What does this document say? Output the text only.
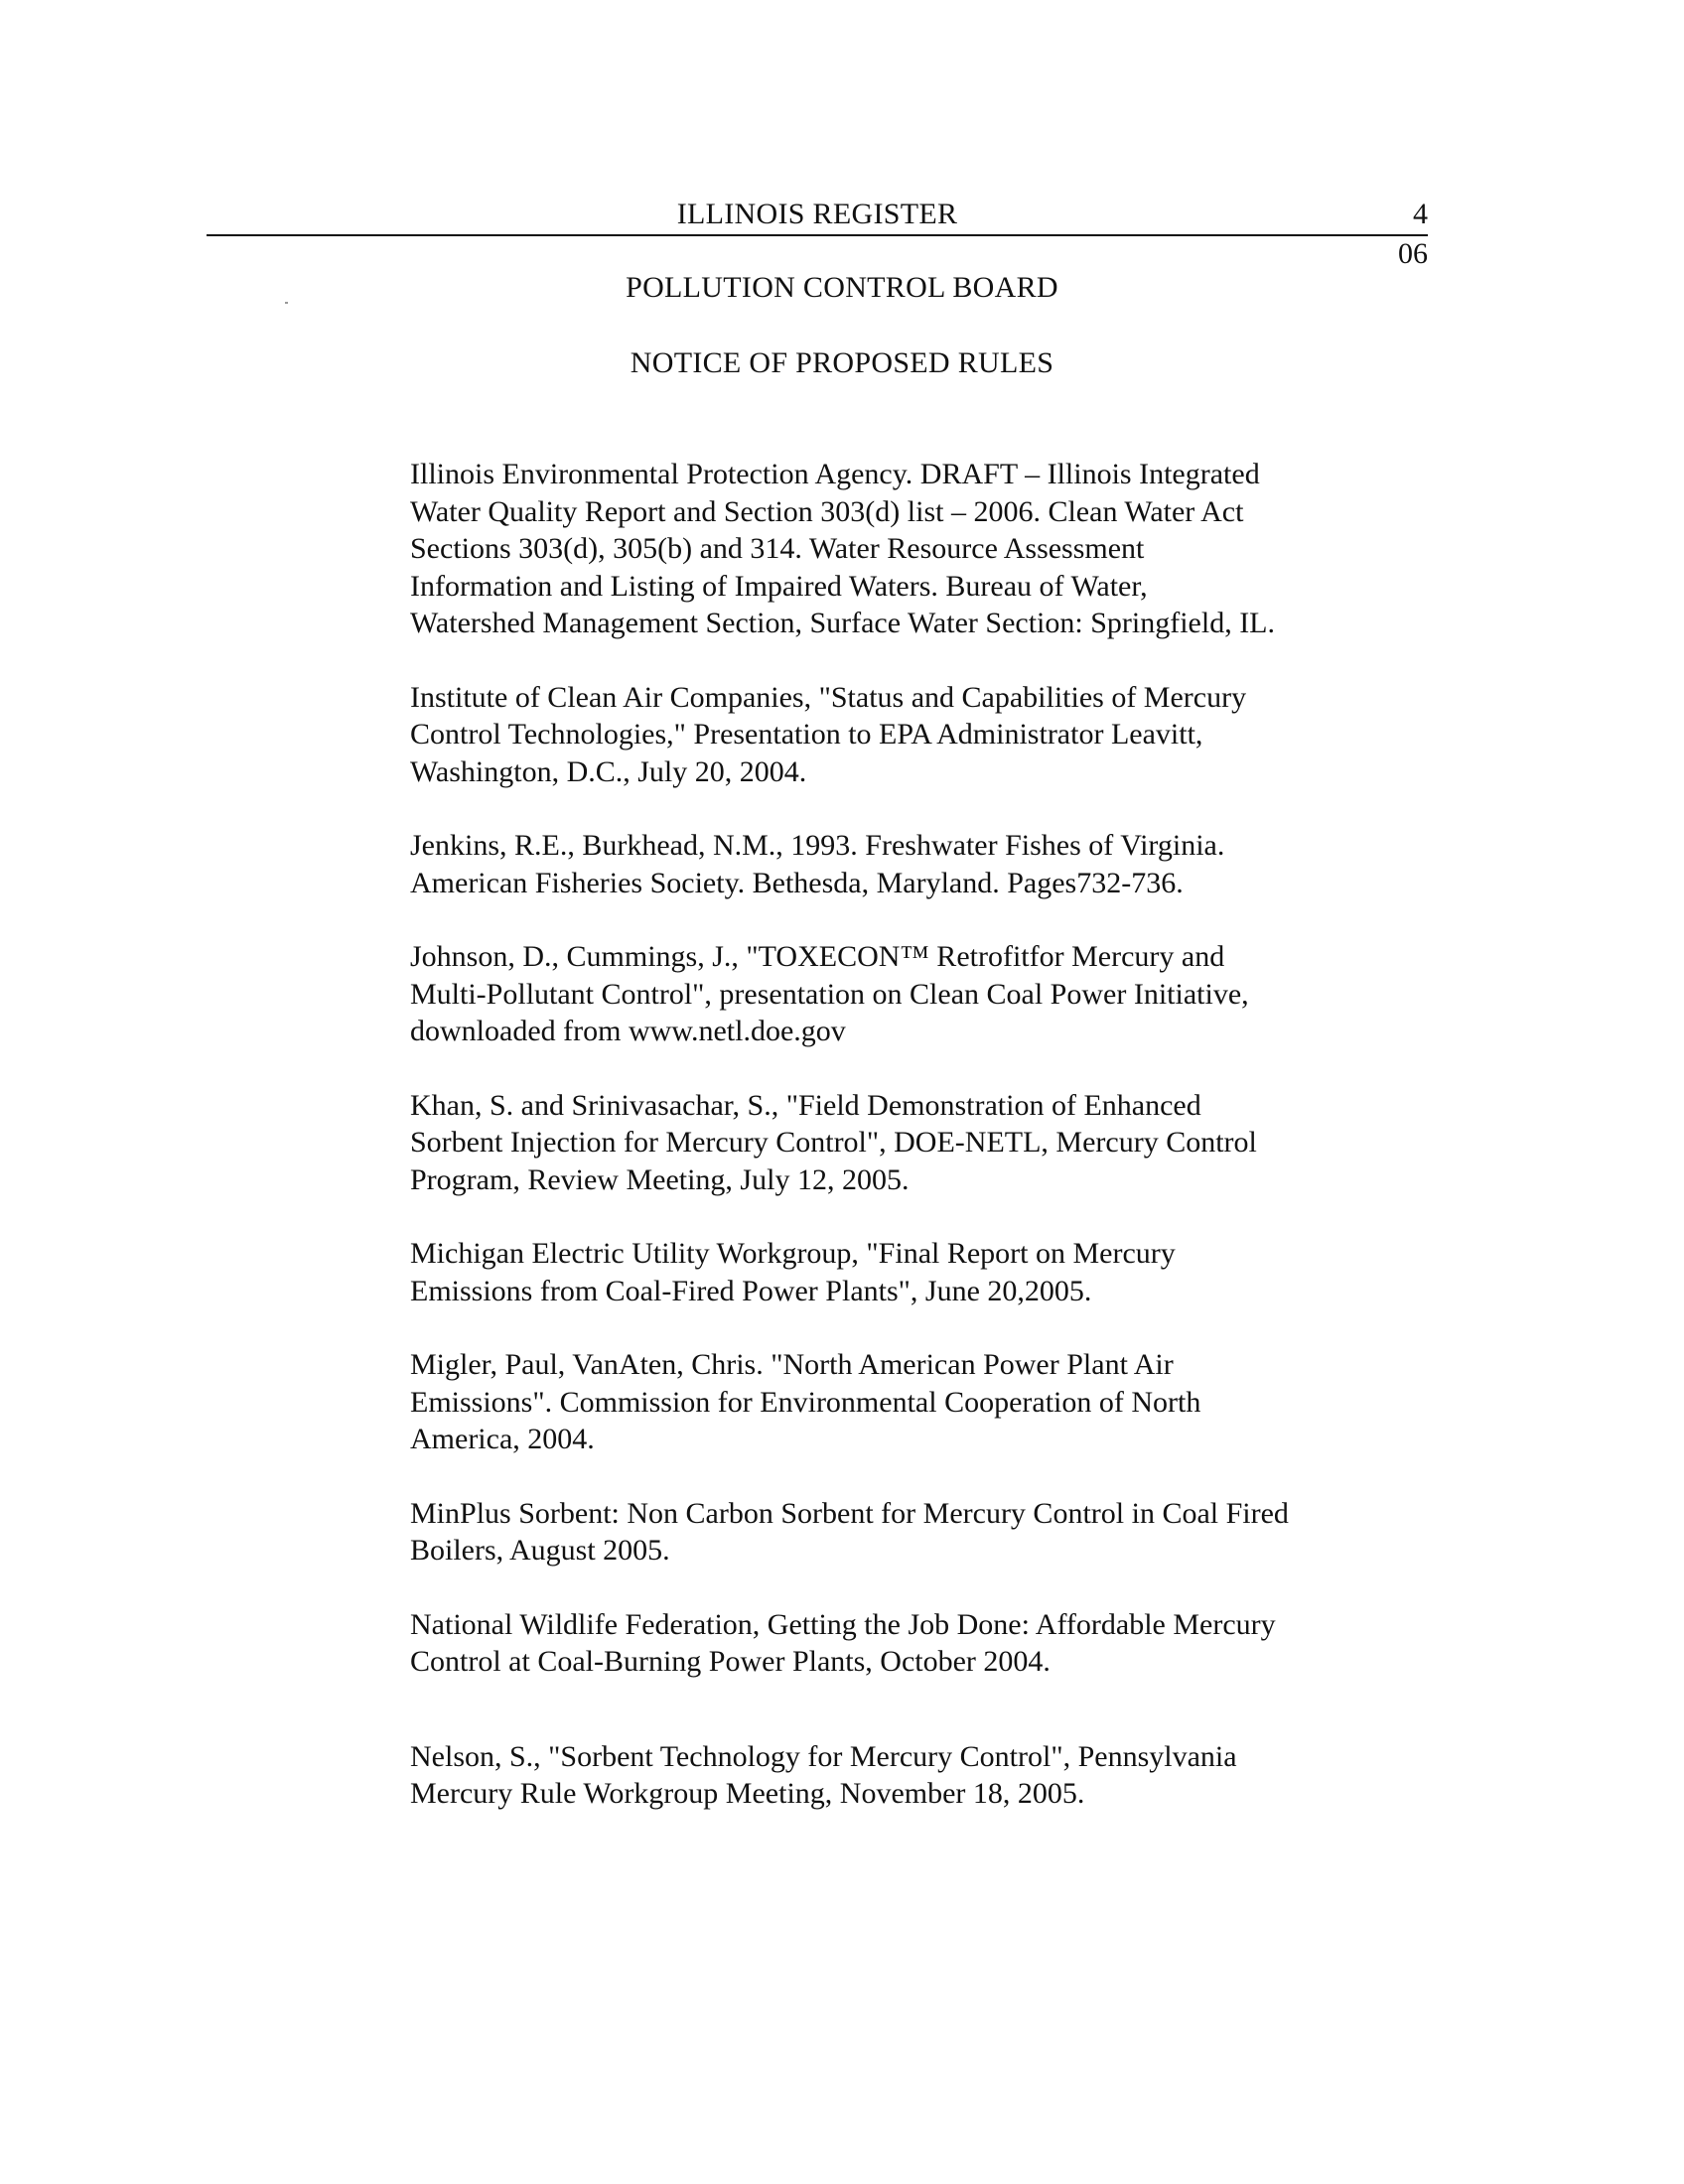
ILLINOIS REGISTER	4
06
POLLUTION CONTROL BOARD
NOTICE OF PROPOSED RULES

Illinois Environmental Protection Agency. DRAFT – Illinois Integrated
Water Quality Report and Section 303(d) list – 2006. Clean Water Act
Sections 303(d), 305(b) and 314. Water Resource Assessment
Information and Listing of Impaired Waters. Bureau of Water,
Watershed Management Section, Surface Water Section: Springfield, IL.

Institute of Clean Air Companies, "Status and Capabilities of Mercury
Control Technologies," Presentation to EPA Administrator Leavitt,
Washington, D.C., July 20, 2004.

Jenkins, R.E., Burkhead, N.M., 1993. Freshwater Fishes of Virginia.
American Fisheries Society. Bethesda, Maryland. Pages732-736.

Johnson, D., Cummings, J., "TOXECON™ Retrofitfor Mercury and
Multi-Pollutant Control", presentation on Clean Coal Power Initiative,
downloaded from www.netl.doe.gov

Khan, S. and Srinivasachar, S., "Field Demonstration of Enhanced
Sorbent Injection for Mercury Control", DOE-NETL, Mercury Control
Program, Review Meeting, July 12, 2005.

Michigan Electric Utility Workgroup, "Final Report on Mercury
Emissions from Coal-Fired Power Plants", June 20,2005.

Migler, Paul, VanAten, Chris. "North American Power Plant Air
Emissions". Commission for Environmental Cooperation of North
America, 2004.

MinPlus Sorbent: Non Carbon Sorbent for Mercury Control in Coal Fired
Boilers, August 2005.

National Wildlife Federation, Getting the Job Done: Affordable Mercury
Control at Coal-Burning Power Plants, October 2004.

Nelson, S., "Sorbent Technology for Mercury Control", Pennsylvania
Mercury Rule Workgroup Meeting, November 18, 2005.
